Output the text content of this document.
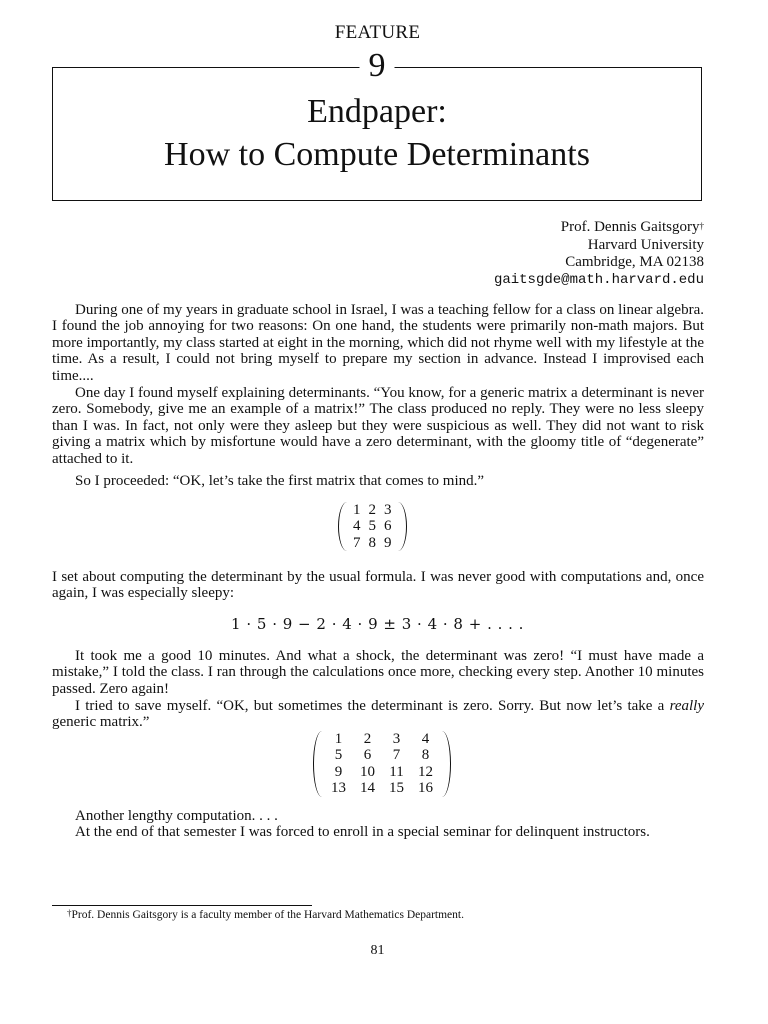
FEATURE
9
Endpaper:
How to Compute Determinants
Prof. Dennis Gaitsgory†
Harvard University
Cambridge, MA 02138
gaitsgde@math.harvard.edu
During one of my years in graduate school in Israel, I was a teaching fellow for a class on linear algebra. I found the job annoying for two reasons: On one hand, the students were primarily non-math majors. But more importantly, my class started at eight in the morning, which did not rhyme well with my lifestyle at the time. As a result, I could not bring myself to prepare my section in advance. Instead I improvised each time....
One day I found myself explaining determinants. “You know, for a generic matrix a determinant is never zero. Somebody, give me an example of a matrix!” The class produced no reply. They were no less sleepy than I was. In fact, not only were they asleep but they were suspicious as well. They did not want to risk giving a matrix which by misfortune would have a zero determinant, with the gloomy title of “degenerate” attached to it.
So I proceeded: “OK, let’s take the first matrix that comes to mind.”
1	2	3
4	5	6
7	8	9
I set about computing the determinant by the usual formula. I was never good with computations and, once again, I was especially sleepy:
1 · 5 · 9 − 2 · 4 · 9 ± 3 · 4 · 8 + . . . .
It took me a good 10 minutes. And what a shock, the determinant was zero! “I must have made a mistake,” I told the class. I ran through the calculations once more, checking every step. Another 10 minutes passed. Zero again!
I tried to save myself. “OK, but sometimes the determinant is zero. Sorry. But now let’s take a really generic matrix.”
1	2	3	4
5	6	7	8
9	10	11	12
13	14	15	16
Another lengthy computation. . . .
At the end of that semester I was forced to enroll in a special seminar for delinquent instructors.
†Prof. Dennis Gaitsgory is a faculty member of the Harvard Mathematics Department.
81
